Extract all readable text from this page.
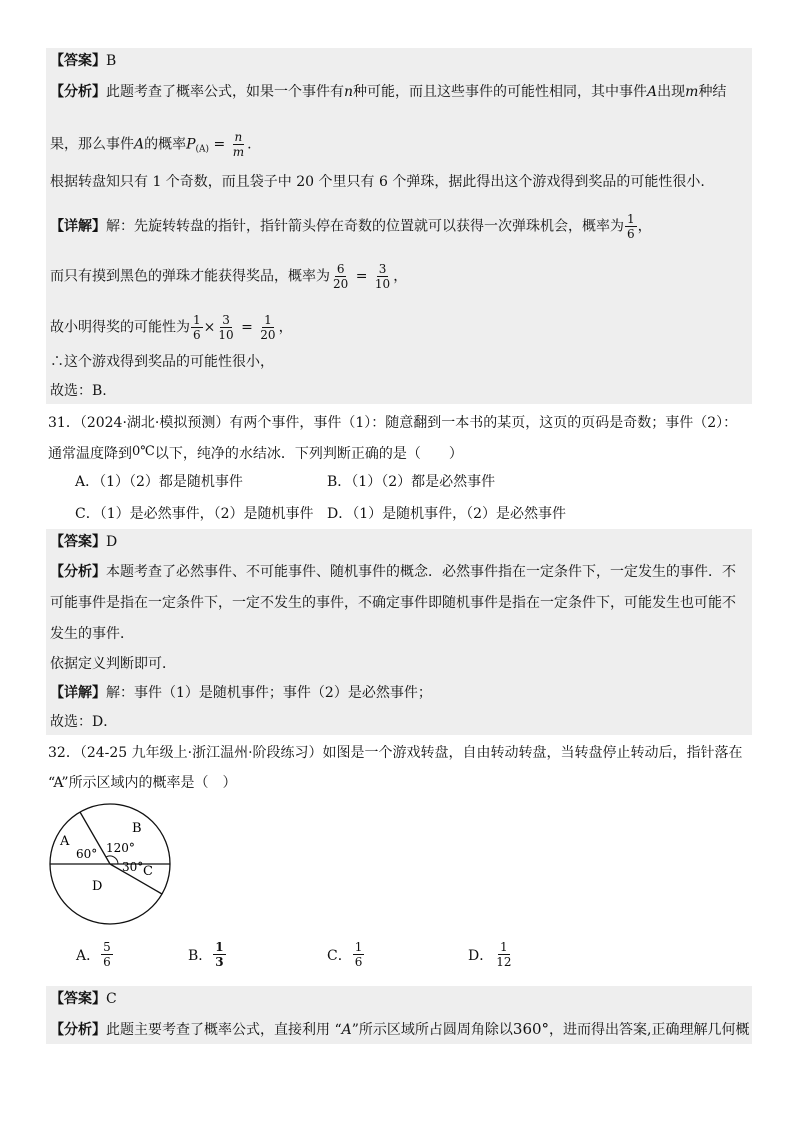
【答案】B
【分析】此题考查了概率公式，如果一个事件有n种可能，而且这些事件的可能性相同，其中事件A出现m种结
果，那么事件A的概率$P_{(A)} = \frac{n}{m}$ .
根据转盘知只有 1 个奇数，而且袋子中 20 个里只有 6 个弹珠，据此得出这个游戏得到奖品的可能性很小.
【详解】解：先旋转转盘的指针，指针箭头停在奇数的位置就可以获得一次弹珠机会，概率为 $\frac{1}{6}$ ，
而只有摸到黑色的弹珠才能获得奖品，概率为 $\frac{6}{20} = \frac{3}{10}$ ，
故小明得奖的可能性为 $\frac{1}{6} \times \frac{3}{10} = \frac{1}{20}$ ，
∴这个游戏得到奖品的可能性很小，
故选：B.
31．（2024·湖北·模拟预测）有两个事件，事件（1）：随意翻到一本书的某页，这页的页码是奇数；事件（2）：
通常温度降到0℃以下，纯净的水结冰．下列判断正确的是（　　）
A．（1）（2）都是随机事件	B．（1）（2）都是必然事件
C．（1）是必然事件，（2）是随机事件 D．（1）是随机事件，（2）是必然事件
【答案】D
【分析】本题考查了必然事件、不可能事件、随机事件的概念．必然事件指在一定条件下，一定发生的事件．不
可能事件是指在一定条件下，一定不发生的事件，不确定事件即随机事件是指在一定条件下，可能发生也可能不
发生的事件．
依据定义判断即可．
【详解】解：事件（1）是随机事件；事件（2）是必然事件；
故选：D．
32．（24-25 九年级上·浙江温州·阶段练习）如图是一个游戏转盘，自由转动转盘，当转盘停止转动后，指针落在
“A”所示区域内的概率是（　）
A
B
C
D
60° 120°
30°
A． $\frac{5}{6}$	B． $\frac{1}{3}$	C． $\frac{1}{6}$	D． $\frac{1}{12}$
【答案】C
【分析】此题主要考查了概率公式，直接利用 “A”所示区域所占圆周角除以360°，进而得出答案,正确理解几何概
